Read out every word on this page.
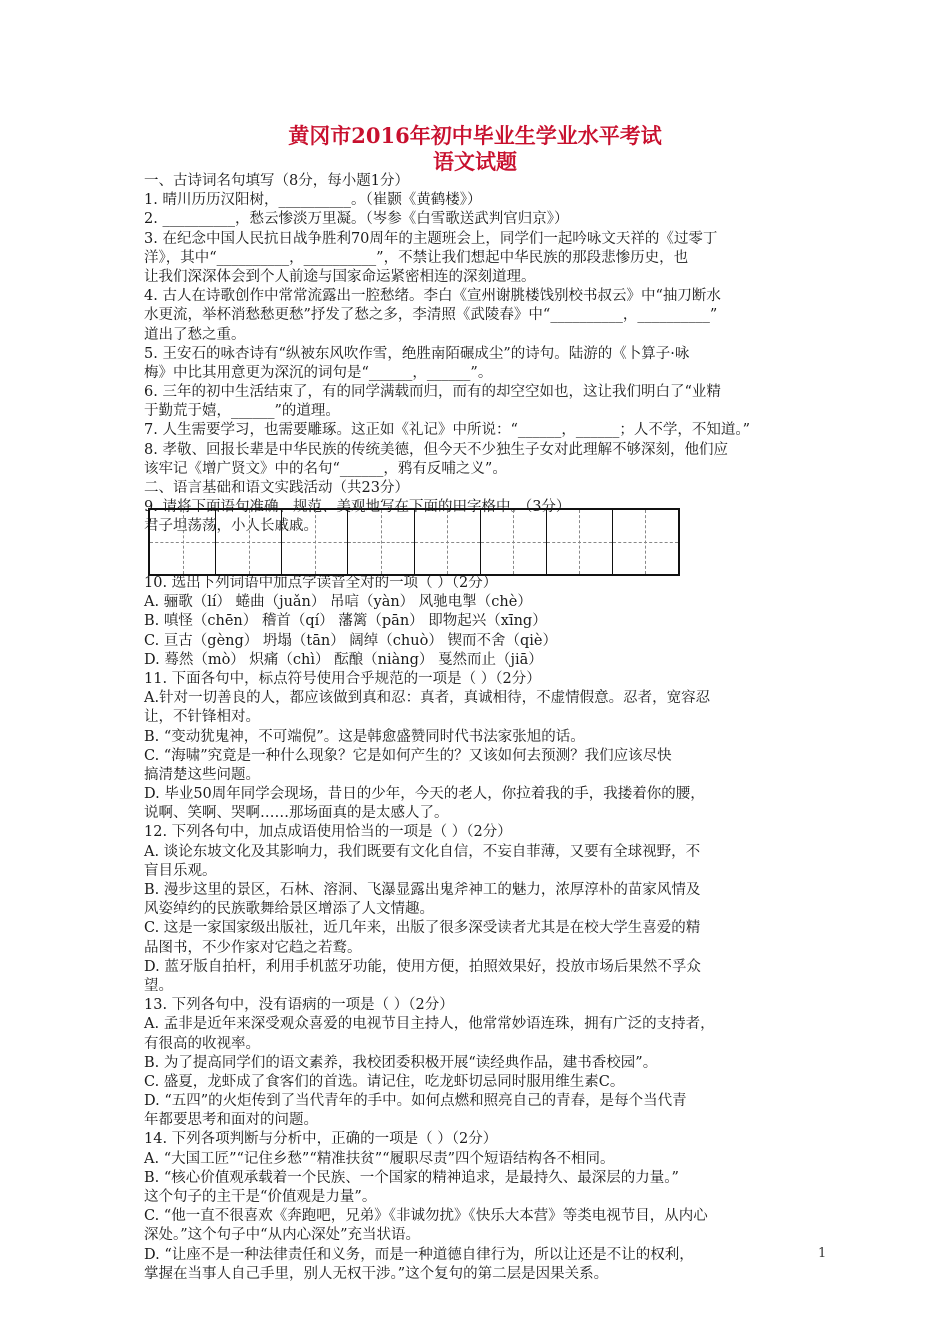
黄冈市2016年初中毕业生学业水平考试
语文试题
一、古诗词名句填写（8分，每小题1分）
1. 晴川历历汉阳树，__________。（崔颢《黄鹤楼》）
2. __________，愁云惨淡万里凝。（岑参《白雪歌送武判官归京》）
3. 在纪念中国人民抗日战争胜利70周年的主题班会上，同学们一起吟咏文天祥的《过零丁
洋》，其中“__________，__________”，不禁让我们想起中华民族的那段悲惨历史，也
让我们深深体会到个人前途与国家命运紧密相连的深刻道理。
4. 古人在诗歌创作中常常流露出一腔愁绪。李白《宣州谢朓楼饯别校书叔云》中“抽刀断水
水更流，举杯消愁愁更愁”抒发了愁之多，李清照《武陵春》中“__________，__________”
道出了愁之重。
5. 王安石的咏杏诗有“纵被东风吹作雪，绝胜南陌碾成尘”的诗句。陆游的《卜算子·咏
梅》中比其用意更为深沉的词句是“______，______”。
6. 三年的初中生活结束了，有的同学满载而归，而有的却空空如也，这让我们明白了“业精
于勤荒于嬉，______”的道理。
7. 人生需要学习，也需要雕琢。这正如《礼记》中所说：“______，______；人不学，不知道。”
8. 孝敬、回报长辈是中华民族的传统美德，但今天不少独生子女对此理解不够深刻，他们应
该牢记《增广贤文》中的名句“______，鸦有反哺之义”。
二、语言基础和语文实践活动（共23分）
9. 请将下面语句准确、规范、美观地写在下面的田字格中。（3分）
君子坦荡荡，小人长戚戚。
10. 选出下列词语中加点字读音全对的一项（ ）（2分）
A. 骊歌（lí） 蜷曲（juǎn） 吊唁（yàn） 风驰电掣（chè）
B. 嗔怪（chēn） 稽首（qí） 藩篱（pān） 即物起兴（xīng）
C. 亘古（gèng） 坍塌（tān） 阔绰（chuò） 锲而不舍（qiè）
D. 蓦然（mò） 炽痛（chì） 酝酿（niàng） 戛然而止（jiā）
11. 下面各句中，标点符号使用合乎规范的一项是（ ）（2分）
A.针对一切善良的人，都应该做到真和忍：真者，真诚相待，不虚情假意。忍者，宽容忍
让，不针锋相对。
B. “变动犹鬼神，不可端倪”。这是韩愈盛赞同时代书法家张旭的话。
C. “海啸”究竟是一种什么现象？它是如何产生的？又该如何去预测？我们应该尽快
搞清楚这些问题。
D. 毕业50周年同学会现场，昔日的少年，今天的老人，你拉着我的手，我搂着你的腰，
说啊、笑啊、哭啊……那场面真的是太感人了。
12. 下列各句中，加点成语使用恰当的一项是（ ）（2分）
A. 谈论东坡文化及其影响力，我们既要有文化自信，不妄自菲薄，又要有全球视野，不
盲目乐观。
B. 漫步这里的景区，石林、溶洞、飞瀑显露出鬼斧神工的魅力，浓厚淳朴的苗家风情及
风姿绰约的民族歌舞给景区增添了人文情趣。
C. 这是一家国家级出版社，近几年来，出版了很多深受读者尤其是在校大学生喜爱的精
品图书，不少作家对它趋之若鹜。
D. 蓝牙版自拍杆，利用手机蓝牙功能，使用方便，拍照效果好，投放市场后果然不孚众
望。
13. 下列各句中，没有语病的一项是（ ）（2分）
A. 孟非是近年来深受观众喜爱的电视节目主持人，他常常妙语连珠，拥有广泛的支持者，
有很高的收视率。
B. 为了提高同学们的语文素养，我校团委积极开展“读经典作品，建书香校园”。
C. 盛夏，龙虾成了食客们的首选。请记住，吃龙虾切忌同时服用维生素C。
D. “五四”的火炬传到了当代青年的手中。如何点燃和照亮自己的青春，是每个当代青
年都要思考和面对的问题。
14. 下列各项判断与分析中，正确的一项是（ ）（2分）
A. “大国工匠”“记住乡愁”“精准扶贫”“履职尽责”四个短语结构各不相同。
B. “核心价值观承载着一个民族、一个国家的精神追求，是最持久、最深层的力量。”
这个句子的主干是“价值观是力量”。
C. “他一直不很喜欢《奔跑吧，兄弟》《非诚勿扰》《快乐大本营》等类电视节目，从内心
深处。”这个句子中“从内心深处”充当状语。
D. “让座不是一种法律责任和义务，而是一种道德自律行为，所以让还是不让的权利，
掌握在当事人自己手里，别人无权干涉。”这个复句的第二层是因果关系。
1
